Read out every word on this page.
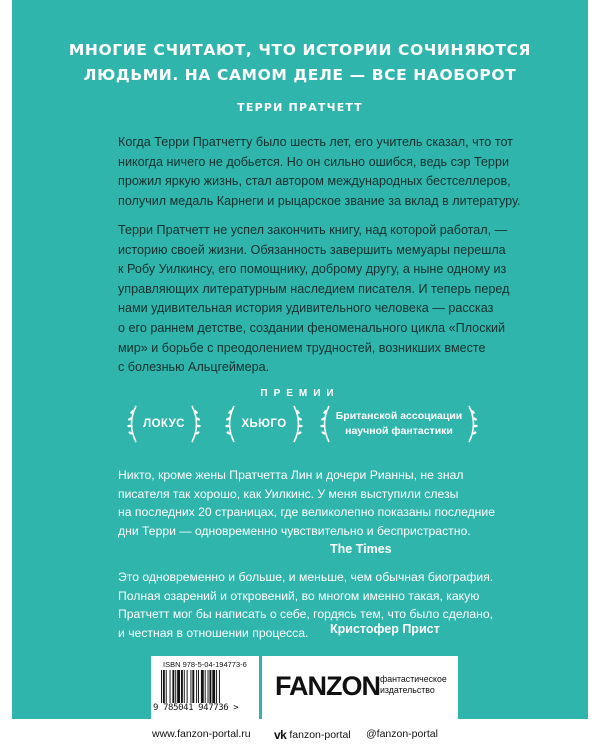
МНОГИЕ СЧИТАЮТ, ЧТО ИСТОРИИ СОЧИНЯЮТСЯ
ЛЮДЬМИ. НА САМОМ ДЕЛЕ — ВСЕ НАОБОРОТ
ТЕРРИ ПРАТЧЕТТ
Когда Терри Пратчетту было шесть лет, его учитель сказал, что тот
никогда ничего не добьется. Но он сильно ошибся, ведь сэр Терри
прожил яркую жизнь, стал автором международных бестселлеров,
получил медаль Карнеги и рыцарское звание за вклад в литературу.
Терри Пратчетт не успел закончить книгу, над которой работал, —
историю своей жизни. Обязанность завершить мемуары перешла
к Робу Уилкинсу, его помощнику, доброму другу, а ныне одному из
управляющих литературным наследием писателя. И теперь перед
нами удивительная история удивительного человека — рассказ
о его раннем детстве, создании феноменального цикла «Плоский
мир» и борьбе с преодолением трудностей, возникших вместе
с болезнью Альцгеймера.
ПРЕМИИ
ЛОКУС	ХЬЮГО
Британской ассоциации
научной фантастики
Никто, кроме жены Пратчетта Лин и дочери Рианны, не знал
писателя так хорошо, как Уилкинс. У меня выступили слезы
на последних 20 страницах, где великолепно показаны последние
дни Терри — одновременно чувствительно и беспристрастно.
The Times
Это одновременно и больше, и меньше, чем обычная биография.
Полная озарений и откровений, во многом именно такая, какую
Пратчетт мог бы написать о себе, гордясь тем, что было сделано,
и честная в отношении процесса.	Кристофер Прист
ISBN 978-5-04-194773-6
9 785041 947736 >
FANZON фантастическое
издательство
www.fanzon-portal.ru vk fanzon-portal @fanzon-portal
